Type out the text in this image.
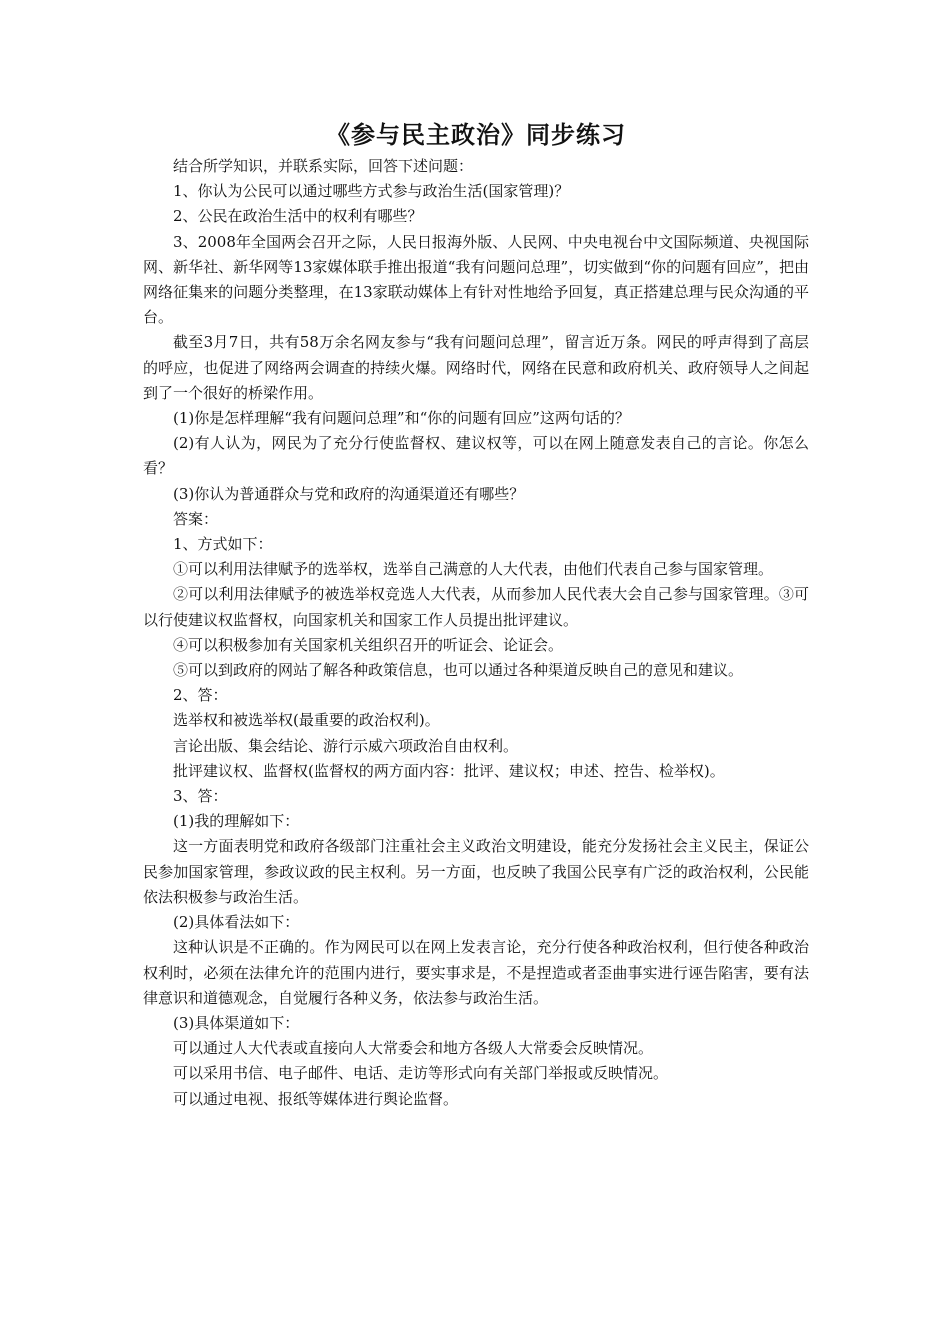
《参与民主政治》同步练习

结合所学知识，并联系实际，回答下述问题：

1、你认为公民可以通过哪些方式参与政治生活(国家管理)？

2、公民在政治生活中的权利有哪些？

3、2008年全国两会召开之际，人民日报海外版、人民网、中央电视台中文国际频道、央视国际网、新华社、新华网等13家媒体联手推出报道“我有问题问总理”，切实做到“你的问题有回应”，把由网络征集来的问题分类整理，在13家联动媒体上有针对性地给予回复，真正搭建总理与民众沟通的平台。

截至3月7日，共有58万余名网友参与“我有问题问总理”，留言近万条。网民的呼声得到了高层的呼应，也促进了网络两会调查的持续火爆。网络时代，网络在民意和政府机关、政府领导人之间起到了一个很好的桥梁作用。

(1)你是怎样理解“我有问题问总理”和“你的问题有回应”这两句话的？

(2)有人认为，网民为了充分行使监督权、建议权等，可以在网上随意发表自己的言论。你怎么看？

(3)你认为普通群众与党和政府的沟通渠道还有哪些？

答案：

1、方式如下：

①可以利用法律赋予的选举权，选举自己满意的人大代表，由他们代表自己参与国家管理。

②可以利用法律赋予的被选举权竞选人大代表，从而参加人民代表大会自己参与国家管理。③可以行使建议权监督权，向国家机关和国家工作人员提出批评建议。

④可以积极参加有关国家机关组织召开的听证会、论证会。

⑤可以到政府的网站了解各种政策信息，也可以通过各种渠道反映自己的意见和建议。

2、答：

选举权和被选举权(最重要的政治权利)。

言论出版、集会结论、游行示威六项政治自由权利。

批评建议权、监督权(监督权的两方面内容：批评、建议权；申述、控告、检举权)。

3、答：

(1)我的理解如下：

这一方面表明党和政府各级部门注重社会主义政治文明建设，能充分发扬社会主义民主，保证公民参加国家管理，参政议政的民主权利。另一方面，也反映了我国公民享有广泛的政治权利，公民能依法积极参与政治生活。

(2)具体看法如下：

这种认识是不正确的。作为网民可以在网上发表言论，充分行使各种政治权利，但行使各种政治权利时，必须在法律允许的范围内进行，要实事求是，不是捏造或者歪曲事实进行诬告陷害，要有法律意识和道德观念，自觉履行各种义务，依法参与政治生活。

(3)具体渠道如下：

可以通过人大代表或直接向人大常委会和地方各级人大常委会反映情况。

可以采用书信、电子邮件、电话、走访等形式向有关部门举报或反映情况。

可以通过电视、报纸等媒体进行舆论监督。
